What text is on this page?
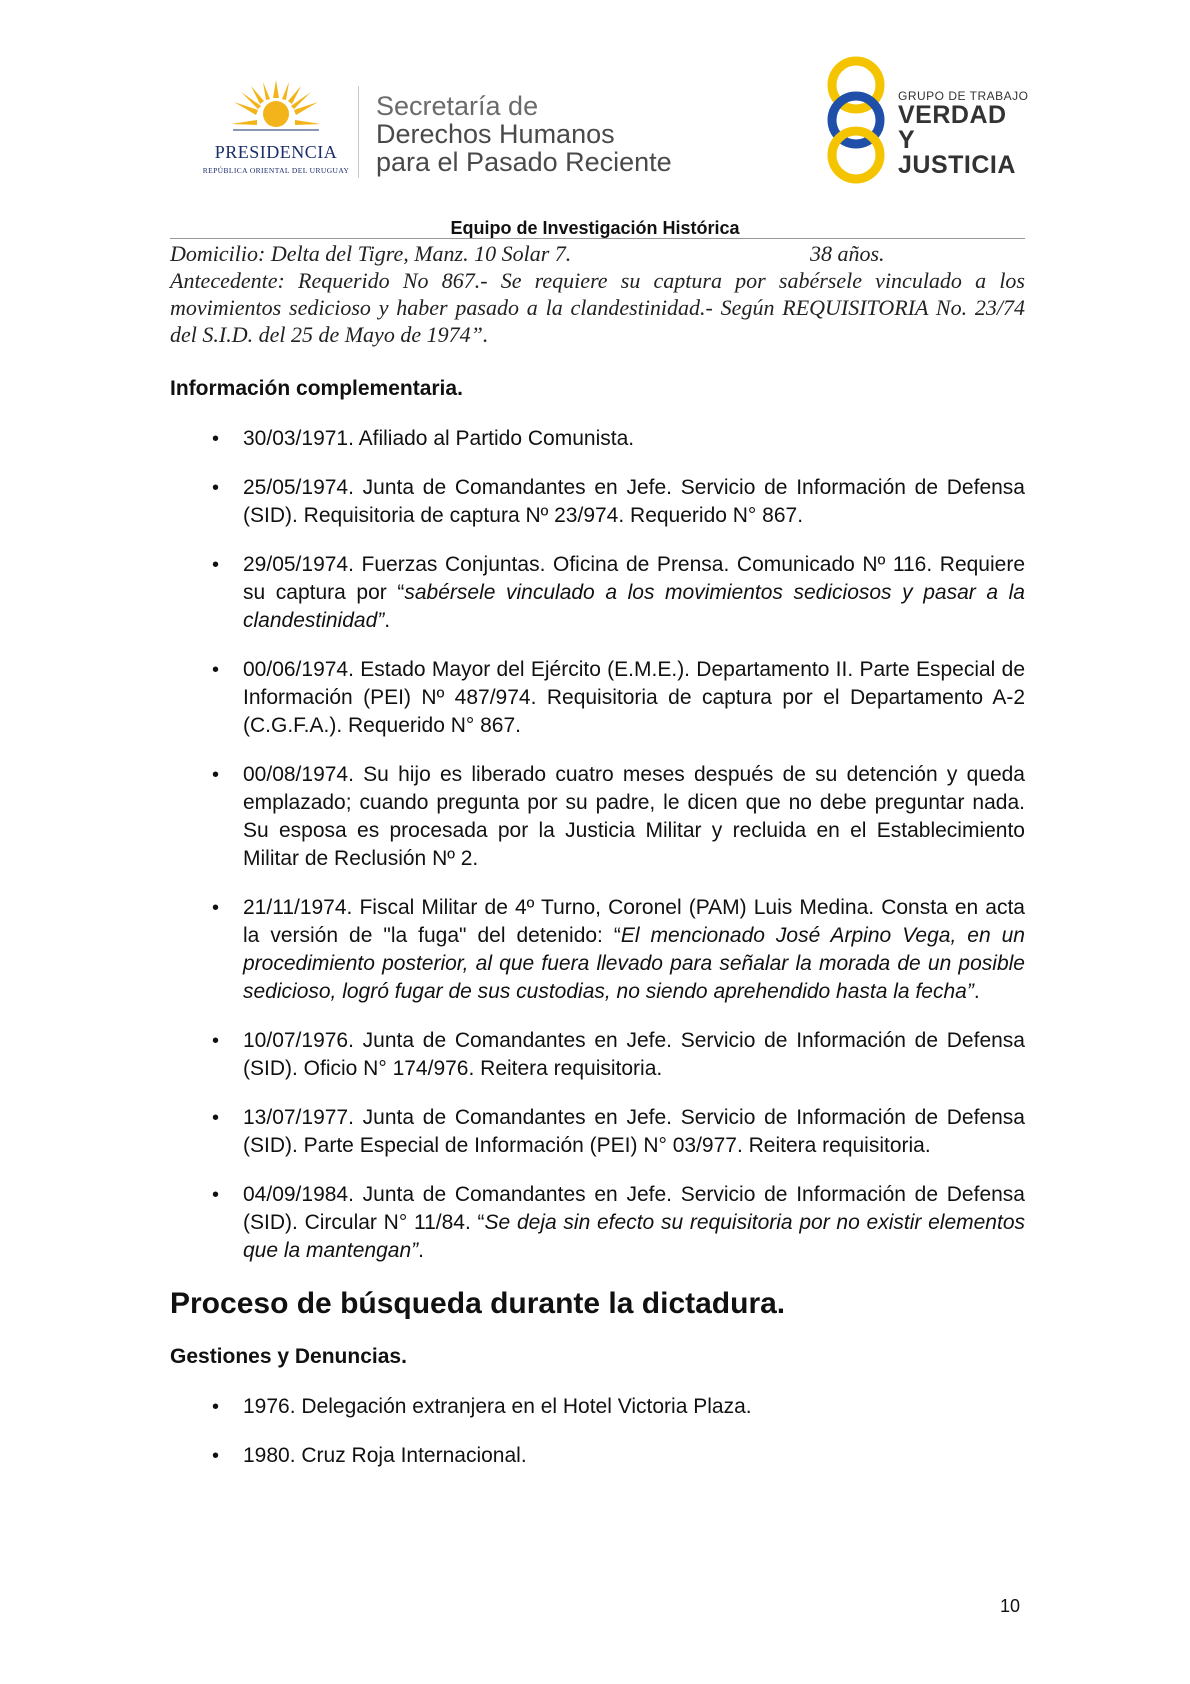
PRESIDENCIA
REPÚBLICA ORIENTAL DEL URUGUAY
Secretaría de
Derechos Humanos
para el Pasado Reciente
GRUPO DE TRABAJO
VERDAD Y
JUSTICIA
Equipo de Investigación Histórica
Domicilio: Delta del Tigre, Manz. 10 Solar 7.	38 años.
Antecedente: Requerido No 867.- Se requiere su captura por sabérsele vinculado a los movimientos sedicioso y haber pasado a la clandestinidad.- Según REQUISITORIA No. 23/74 del S.I.D. del 25 de Mayo de 1974”.
Información complementaria.
• 30/03/1971. Afiliado al Partido Comunista.
• 25/05/1974. Junta de Comandantes en Jefe. Servicio de Información de Defensa (SID). Requisitoria de captura Nº 23/974. Requerido N° 867.
• 29/05/1974. Fuerzas Conjuntas. Oficina de Prensa. Comunicado Nº 116. Requiere su captura por “sabérsele vinculado a los movimientos sediciosos y pasar a la clandestinidad”.
• 00/06/1974. Estado Mayor del Ejército (E.M.E.). Departamento II. Parte Especial de Información (PEI) Nº 487/974. Requisitoria de captura por el Departamento A-2 (C.G.F.A.). Requerido N° 867.
• 00/08/1974. Su hijo es liberado cuatro meses después de su detención y queda emplazado; cuando pregunta por su padre, le dicen que no debe preguntar nada. Su esposa es procesada por la Justicia Militar y recluida en el Establecimiento Militar de Reclusión Nº 2.
• 21/11/1974. Fiscal Militar de 4º Turno, Coronel (PAM) Luis Medina. Consta en acta la versión de "la fuga" del detenido: “El mencionado José Arpino Vega, en un procedimiento posterior, al que fuera llevado para señalar la morada de un posible sedicioso, logró fugar de sus custodias, no siendo aprehendido hasta la fecha”.
• 10/07/1976. Junta de Comandantes en Jefe. Servicio de Información de Defensa (SID). Oficio N° 174/976. Reitera requisitoria.
• 13/07/1977. Junta de Comandantes en Jefe. Servicio de Información de Defensa (SID). Parte Especial de Información (PEI) N° 03/977. Reitera requisitoria.
• 04/09/1984. Junta de Comandantes en Jefe. Servicio de Información de Defensa (SID). Circular N° 11/84. “Se deja sin efecto su requisitoria por no existir elementos que la mantengan”.
Proceso de búsqueda durante la dictadura.
Gestiones y Denuncias.
• 1976. Delegación extranjera en el Hotel Victoria Plaza.
• 1980. Cruz Roja Internacional.
10
